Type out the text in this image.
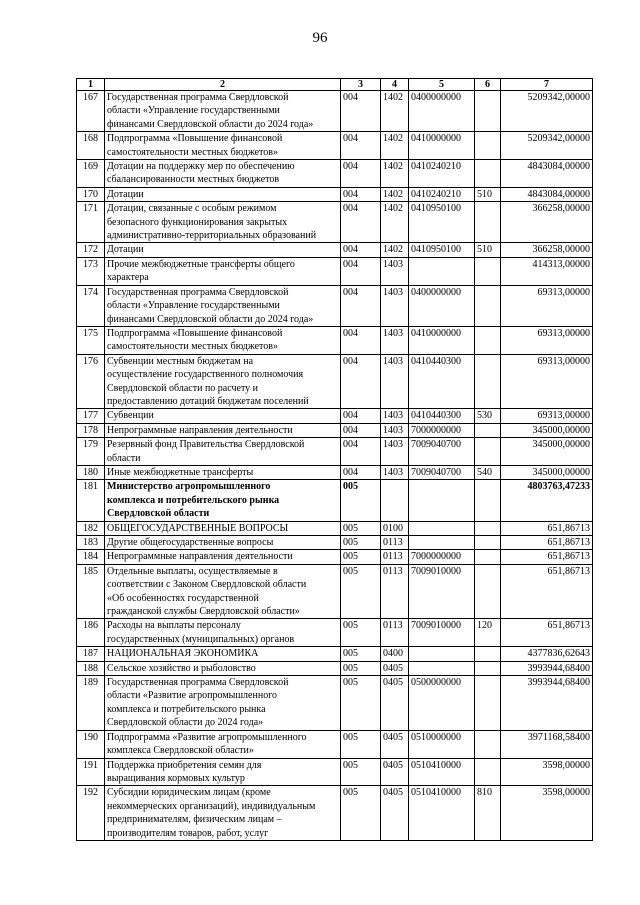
96
1	2	3	4	5	6	7
167	Государственная программа Свердловской
области «Управление государственными
финансами Свердловской области до 2024 года»	004	1402	0400000000		5209342,00000
168	Подпрограмма «Повышение финансовой
самостоятельности местных бюджетов»	004	1402	0410000000		5209342,00000
169	Дотации на поддержку мер по обеспечению
сбалансированности местных бюджетов	004	1402	0410240210		4843084,00000
170	Дотации	004	1402	0410240210	510	4843084,00000
171	Дотации, связанные с особым режимом
безопасного функционирования закрытых
административно-территориальных образований	004	1402	0410950100		366258,00000
172	Дотации	004	1402	0410950100	510	366258,00000
173	Прочие межбюджетные трансферты общего
характера	004	1403			414313,00000
174	Государственная программа Свердловской
области «Управление государственными
финансами Свердловской области до 2024 года»	004	1403	0400000000		69313,00000
175	Подпрограмма «Повышение финансовой
самостоятельности местных бюджетов»	004	1403	0410000000		69313,00000
176	Субвенции местным бюджетам на
осуществление государственного полномочия
Свердловской области по расчету и
предоставлению дотаций бюджетам поселений	004	1403	0410440300		69313,00000
177	Субвенции	004	1403	0410440300	530	69313,00000
178	Непрограммные направления деятельности	004	1403	7000000000		345000,00000
179	Резервный фонд Правительства Свердловской
области	004	1403	7009040700		345000,00000
180	Иные межбюджетные трансферты	004	1403	7009040700	540	345000,00000
181	Министерство агропромышленного
комплекса и потребительского рынка
Свердловской области	005				4803763,47233
182	ОБЩЕГОСУДАРСТВЕННЫЕ ВОПРОСЫ	005	0100			651,86713
183	Другие общегосударственные вопросы	005	0113			651,86713
184	Непрограммные направления деятельности	005	0113	7000000000		651,86713
185	Отдельные выплаты, осуществляемые в
соответствии с Законом Свердловской области
«Об особенностях государственной
гражданской службы Свердловской области»	005	0113	7009010000		651,86713
186	Расходы на выплаты персоналу
государственных (муниципальных) органов	005	0113	7009010000	120	651,86713
187	НАЦИОНАЛЬНАЯ ЭКОНОМИКА	005	0400			4377836,62643
188	Сельское хозяйство и рыболовство	005	0405			3993944,68400
189	Государственная программа Свердловской
области «Развитие агропромышленного
комплекса и потребительского рынка
Свердловской области до 2024 года»	005	0405	0500000000		3993944,68400
190	Подпрограмма «Развитие агропромышленного
комплекса Свердловской области»	005	0405	0510000000		3971168,58400
191	Поддержка приобретения семян для
выращивания кормовых культур	005	0405	0510410000		3598,00000
192	Субсидии юридическим лицам (кроме
некоммерческих организаций), индивидуальным
предпринимателям, физическим лицам –
производителям товаров, работ, услуг	005	0405	0510410000	810	3598,00000
